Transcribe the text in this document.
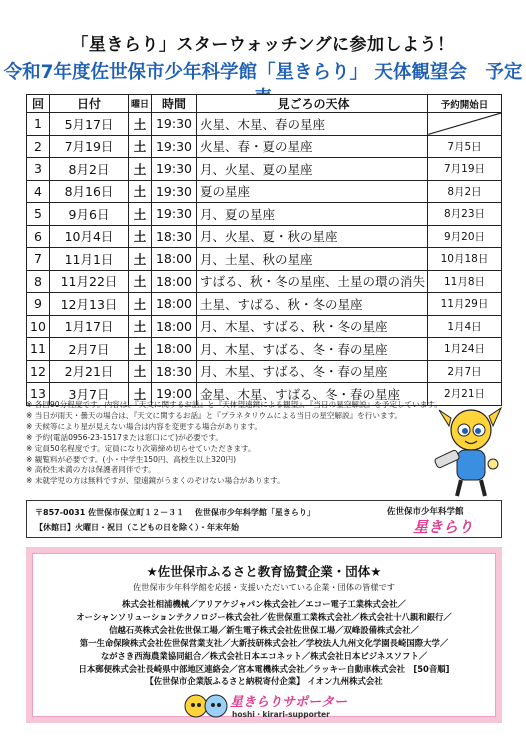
「星きらり」スターウォッチングに参加しよう！
令和7年度佐世保市少年科学館「星きらり」 天体観望会　予定
回	日付	曜日	時間	見ごろの天体	予約開始日
1	5月17日	土	19:30	火星、木星、春の星座	

2	7月19日	土	19:30	火星、春・夏の星座	7月5日
3	8月2日	土	19:30	月、火星、夏の星座	7月19日
4	8月16日	土	19:30	夏の星座	8月2日
5	9月6日	土	19:30	月、夏の星座	8月23日
6	10月4日	土	18:30	月、火星、夏・秋の星座	9月20日
7	11月1日	土	18:00	月、土星、秋の星座	10月18日
8	11月22日	土	18:00	すばる、秋・冬の星座、土星の環の消失	11月8日
9	12月13日	土	18:00	土星、すばる、秋・冬の星座	11月29日
10	1月17日	土	18:00	月、木星、すばる、秋・冬の星座	1月4日
11	2月7日	土	18:00	月、木星、すばる、冬・春の星座	1月24日
12	2月21日	土	18:30	月、木星、すばる、冬・春の星座	2月7日
13	3月7日	土	19:00	金星、木星、すばる、冬・春の星座	2月21日
※ 各回90分程度です。内容は、『天文に関するお話』と『天体望遠鏡による観望』、『当日の星空解説』を予定しています。
※ 当日が雨天・曇天の場合は、『天文に関するお話』と『プラネタリウムによる当日の星空解説』を行います。
※ 天候等により星が見えない場合は内容を変更する場合があります。
※ 予約(電話0956-23-1517または窓口にて)が必要です。
※ 定員50名程度です。定員になり次第締め切らせていただきます。
※ 観覧料が必要です。(小・中学生150円、高校生以上320円)
※ 高校生未満の方は保護者同伴です。
※ 未就学児の方は無料ですが、望遠鏡がうまくのぞけない場合があります。
〒857-0031 佐世保市保立町１２－３１　 佐世保市少年科学館「星きらり」
【休館日】火曜日・祝日（こどもの日を除く）・年末年始
佐世保市少年科学館
星きらり
★佐世保市ふるさと教育協賛企業・団体★
佐世保市少年科学館を応援・支援いただいている企業・団体の皆様です
株式会社相浦機械／アリアケジャパン株式会社／エコー電子工業株式会社／
オーシャンソリューションテクノロジー株式会社／佐世保重工業株式会社／株式会社十八親和銀行／
信越石英株式会社佐世保工場／新生電子株式会社佐世保工場／双峰設備株式会社／
第一生命保険株式会社佐世保営業支社／大新技研株式会社／学校法人九州文化学園長崎国際大学／
ながさき西海農業協同組合／株式会社日本エコネット／株式会社日本ビジネスソフト／
日本郵便株式会社長崎県中部地区連絡会／宮本電機株式会社／ラッキー自動車株式会社　[50音順]
【佐世保市企業版ふるさと納税寄付企業】 イオン九州株式会社
星きらりサポーター
hoshi・kirari-supporter
